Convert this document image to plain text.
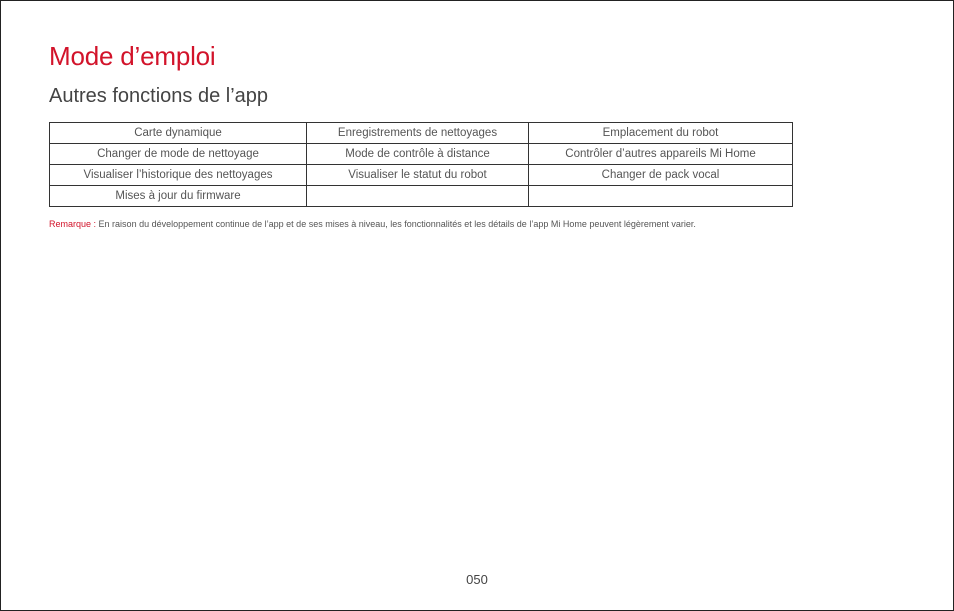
Mode d’emploi
Autres fonctions de l’app
Carte dynamique	Enregistrements de nettoyages	Emplacement du robot
Changer de mode de nettoyage	Mode de contrôle à distance	Contrôler d’autres appareils Mi Home
Visualiser l’historique des nettoyages	Visualiser le statut du robot	Changer de pack vocal
Mises à jour du firmware		

Remarque : En raison du développement continue de l’app et de ses mises à niveau, les fonctionnalités et les détails de l’app Mi Home peuvent légèrement varier.

050
